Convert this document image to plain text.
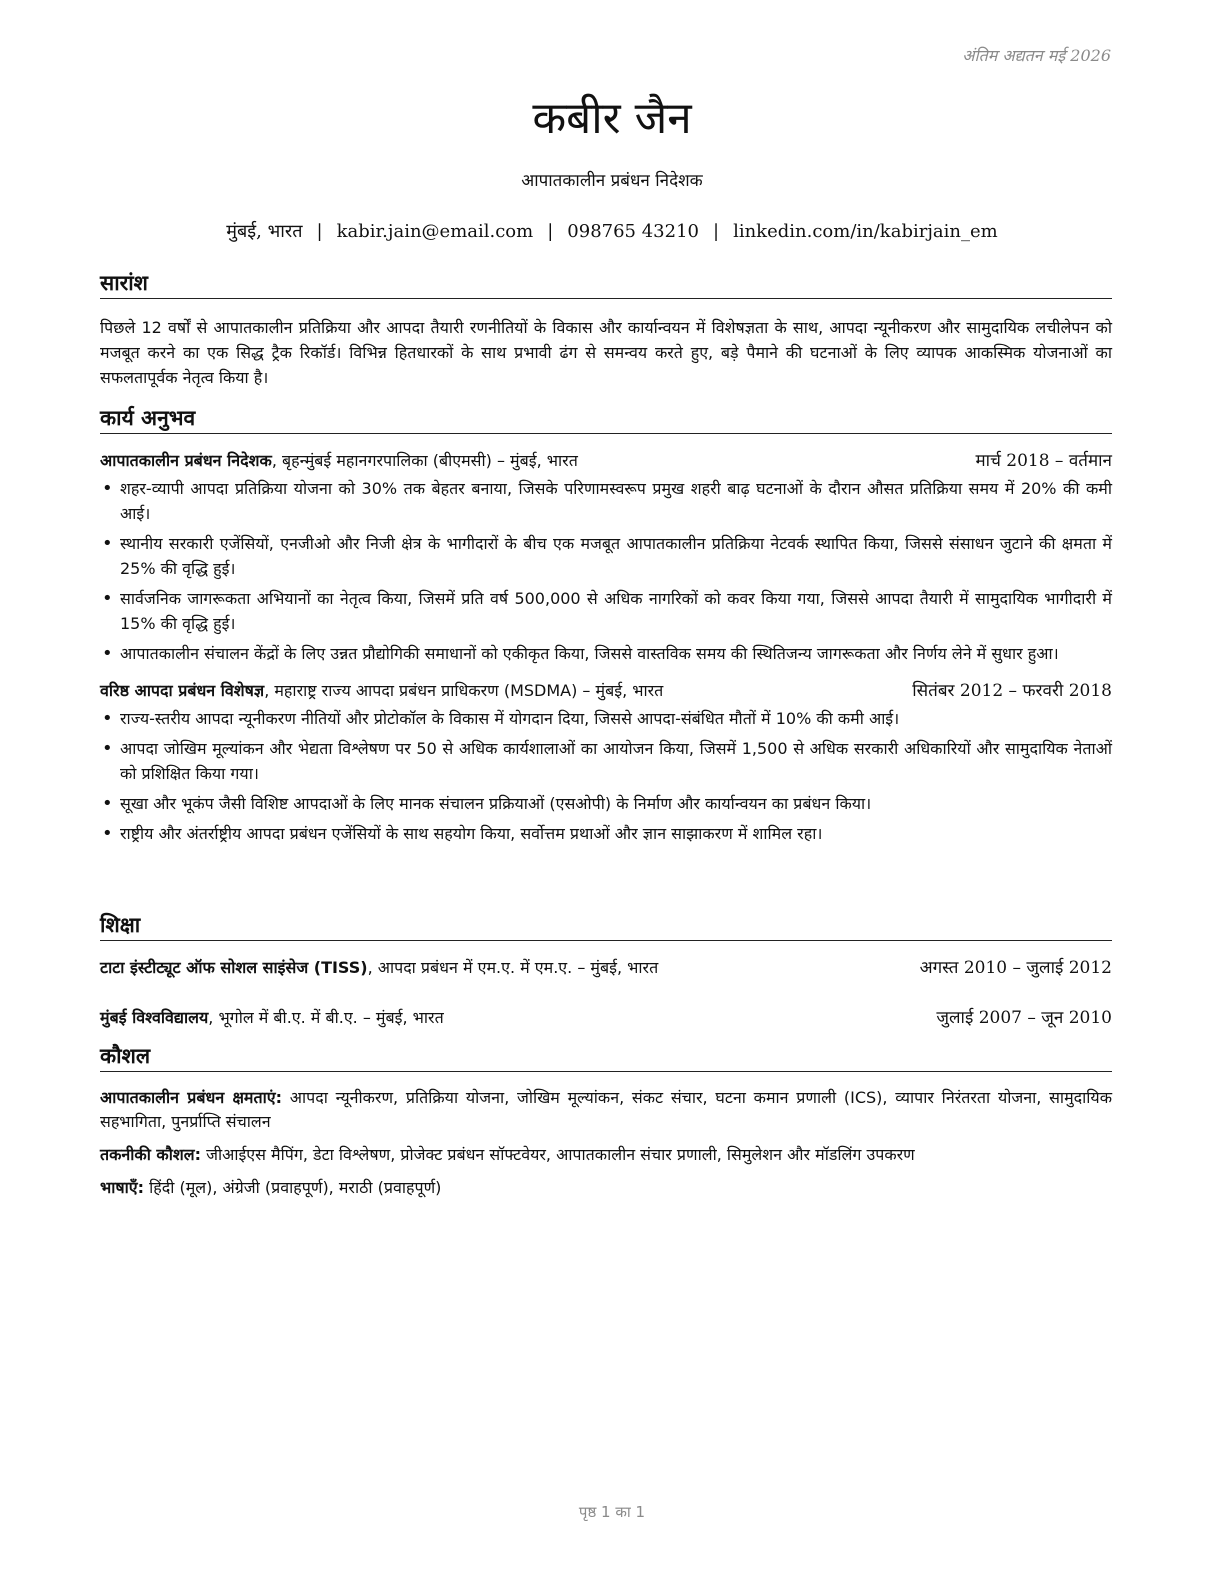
अंतिम अद्यतन मई 2026
कबीर जैन
आपातकालीन प्रबंधन निदेशक
मुंबई, भारत | kabir.jain@email.com | 098765 43210 | linkedin.com/in/kabirjain_em
सारांश
पिछले 12 वर्षों से आपातकालीन प्रतिक्रिया और आपदा तैयारी रणनीतियों के विकास और कार्यान्वयन में विशेषज्ञता के साथ, आपदा न्यूनीकरण और सामुदायिक लचीलेपन को मजबूत करने का एक सिद्ध ट्रैक रिकॉर्ड। विभिन्न हितधारकों के साथ प्रभावी ढंग से समन्वय करते हुए, बड़े पैमाने की घटनाओं के लिए व्यापक आकस्मिक योजनाओं का सफलतापूर्वक नेतृत्व किया है।
कार्य अनुभव
आपातकालीन प्रबंधन निदेशक, बृहन्मुंबई महानगरपालिका (बीएमसी) – मुंबई, भारत	मार्च 2018 – वर्तमान
• शहर-व्यापी आपदा प्रतिक्रिया योजना को 30% तक बेहतर बनाया, जिसके परिणामस्वरूप प्रमुख शहरी बाढ़ घटनाओं के दौरान औसत प्रतिक्रिया समय में 20% की कमी आई।
• स्थानीय सरकारी एजेंसियों, एनजीओ और निजी क्षेत्र के भागीदारों के बीच एक मजबूत आपातकालीन प्रतिक्रिया नेटवर्क स्थापित किया, जिससे संसाधन जुटाने की क्षमता में 25% की वृद्धि हुई।
• सार्वजनिक जागरूकता अभियानों का नेतृत्व किया, जिसमें प्रति वर्ष 500,000 से अधिक नागरिकों को कवर किया गया, जिससे आपदा तैयारी में सामुदायिक भागीदारी में 15% की वृद्धि हुई।
• आपातकालीन संचालन केंद्रों के लिए उन्नत प्रौद्योगिकी समाधानों को एकीकृत किया, जिससे वास्तविक समय की स्थितिजन्य जागरूकता और निर्णय लेने में सुधार हुआ।
वरिष्ठ आपदा प्रबंधन विशेषज्ञ, महाराष्ट्र राज्य आपदा प्रबंधन प्राधिकरण (MSDMA) – मुंबई, भारत	सितंबर 2012 – फरवरी 2018
• राज्य-स्तरीय आपदा न्यूनीकरण नीतियों और प्रोटोकॉल के विकास में योगदान दिया, जिससे आपदा-संबंधित मौतों में 10% की कमी आई।
• आपदा जोखिम मूल्यांकन और भेद्यता विश्लेषण पर 50 से अधिक कार्यशालाओं का आयोजन किया, जिसमें 1,500 से अधिक सरकारी अधिकारियों और सामुदायिक नेताओं को प्रशिक्षित किया गया।
• सूखा और भूकंप जैसी विशिष्ट आपदाओं के लिए मानक संचालन प्रक्रियाओं (एसओपी) के निर्माण और कार्यान्वयन का प्रबंधन किया।
• राष्ट्रीय और अंतर्राष्ट्रीय आपदा प्रबंधन एजेंसियों के साथ सहयोग किया, सर्वोत्तम प्रथाओं और ज्ञान साझाकरण में शामिल रहा।
शिक्षा
टाटा इंस्टीट्यूट ऑफ सोशल साइंसेज (TISS), आपदा प्रबंधन में एम.ए. में एम.ए. – मुंबई, भारत	अगस्त 2010 – जुलाई 2012
मुंबई विश्वविद्यालय, भूगोल में बी.ए. में बी.ए. – मुंबई, भारत	जुलाई 2007 – जून 2010
कौशल
आपातकालीन प्रबंधन क्षमताएं: आपदा न्यूनीकरण, प्रतिक्रिया योजना, जोखिम मूल्यांकन, संकट संचार, घटना कमान प्रणाली (ICS), व्यापार निरंतरता योजना, सामुदायिक सहभागिता, पुनर्प्राप्ति संचालन
तकनीकी कौशल: जीआईएस मैपिंग, डेटा विश्लेषण, प्रोजेक्ट प्रबंधन सॉफ्टवेयर, आपातकालीन संचार प्रणाली, सिमुलेशन और मॉडलिंग उपकरण
भाषाएँ: हिंदी (मूल), अंग्रेजी (प्रवाहपूर्ण), मराठी (प्रवाहपूर्ण)
पृष्ठ 1 का 1
